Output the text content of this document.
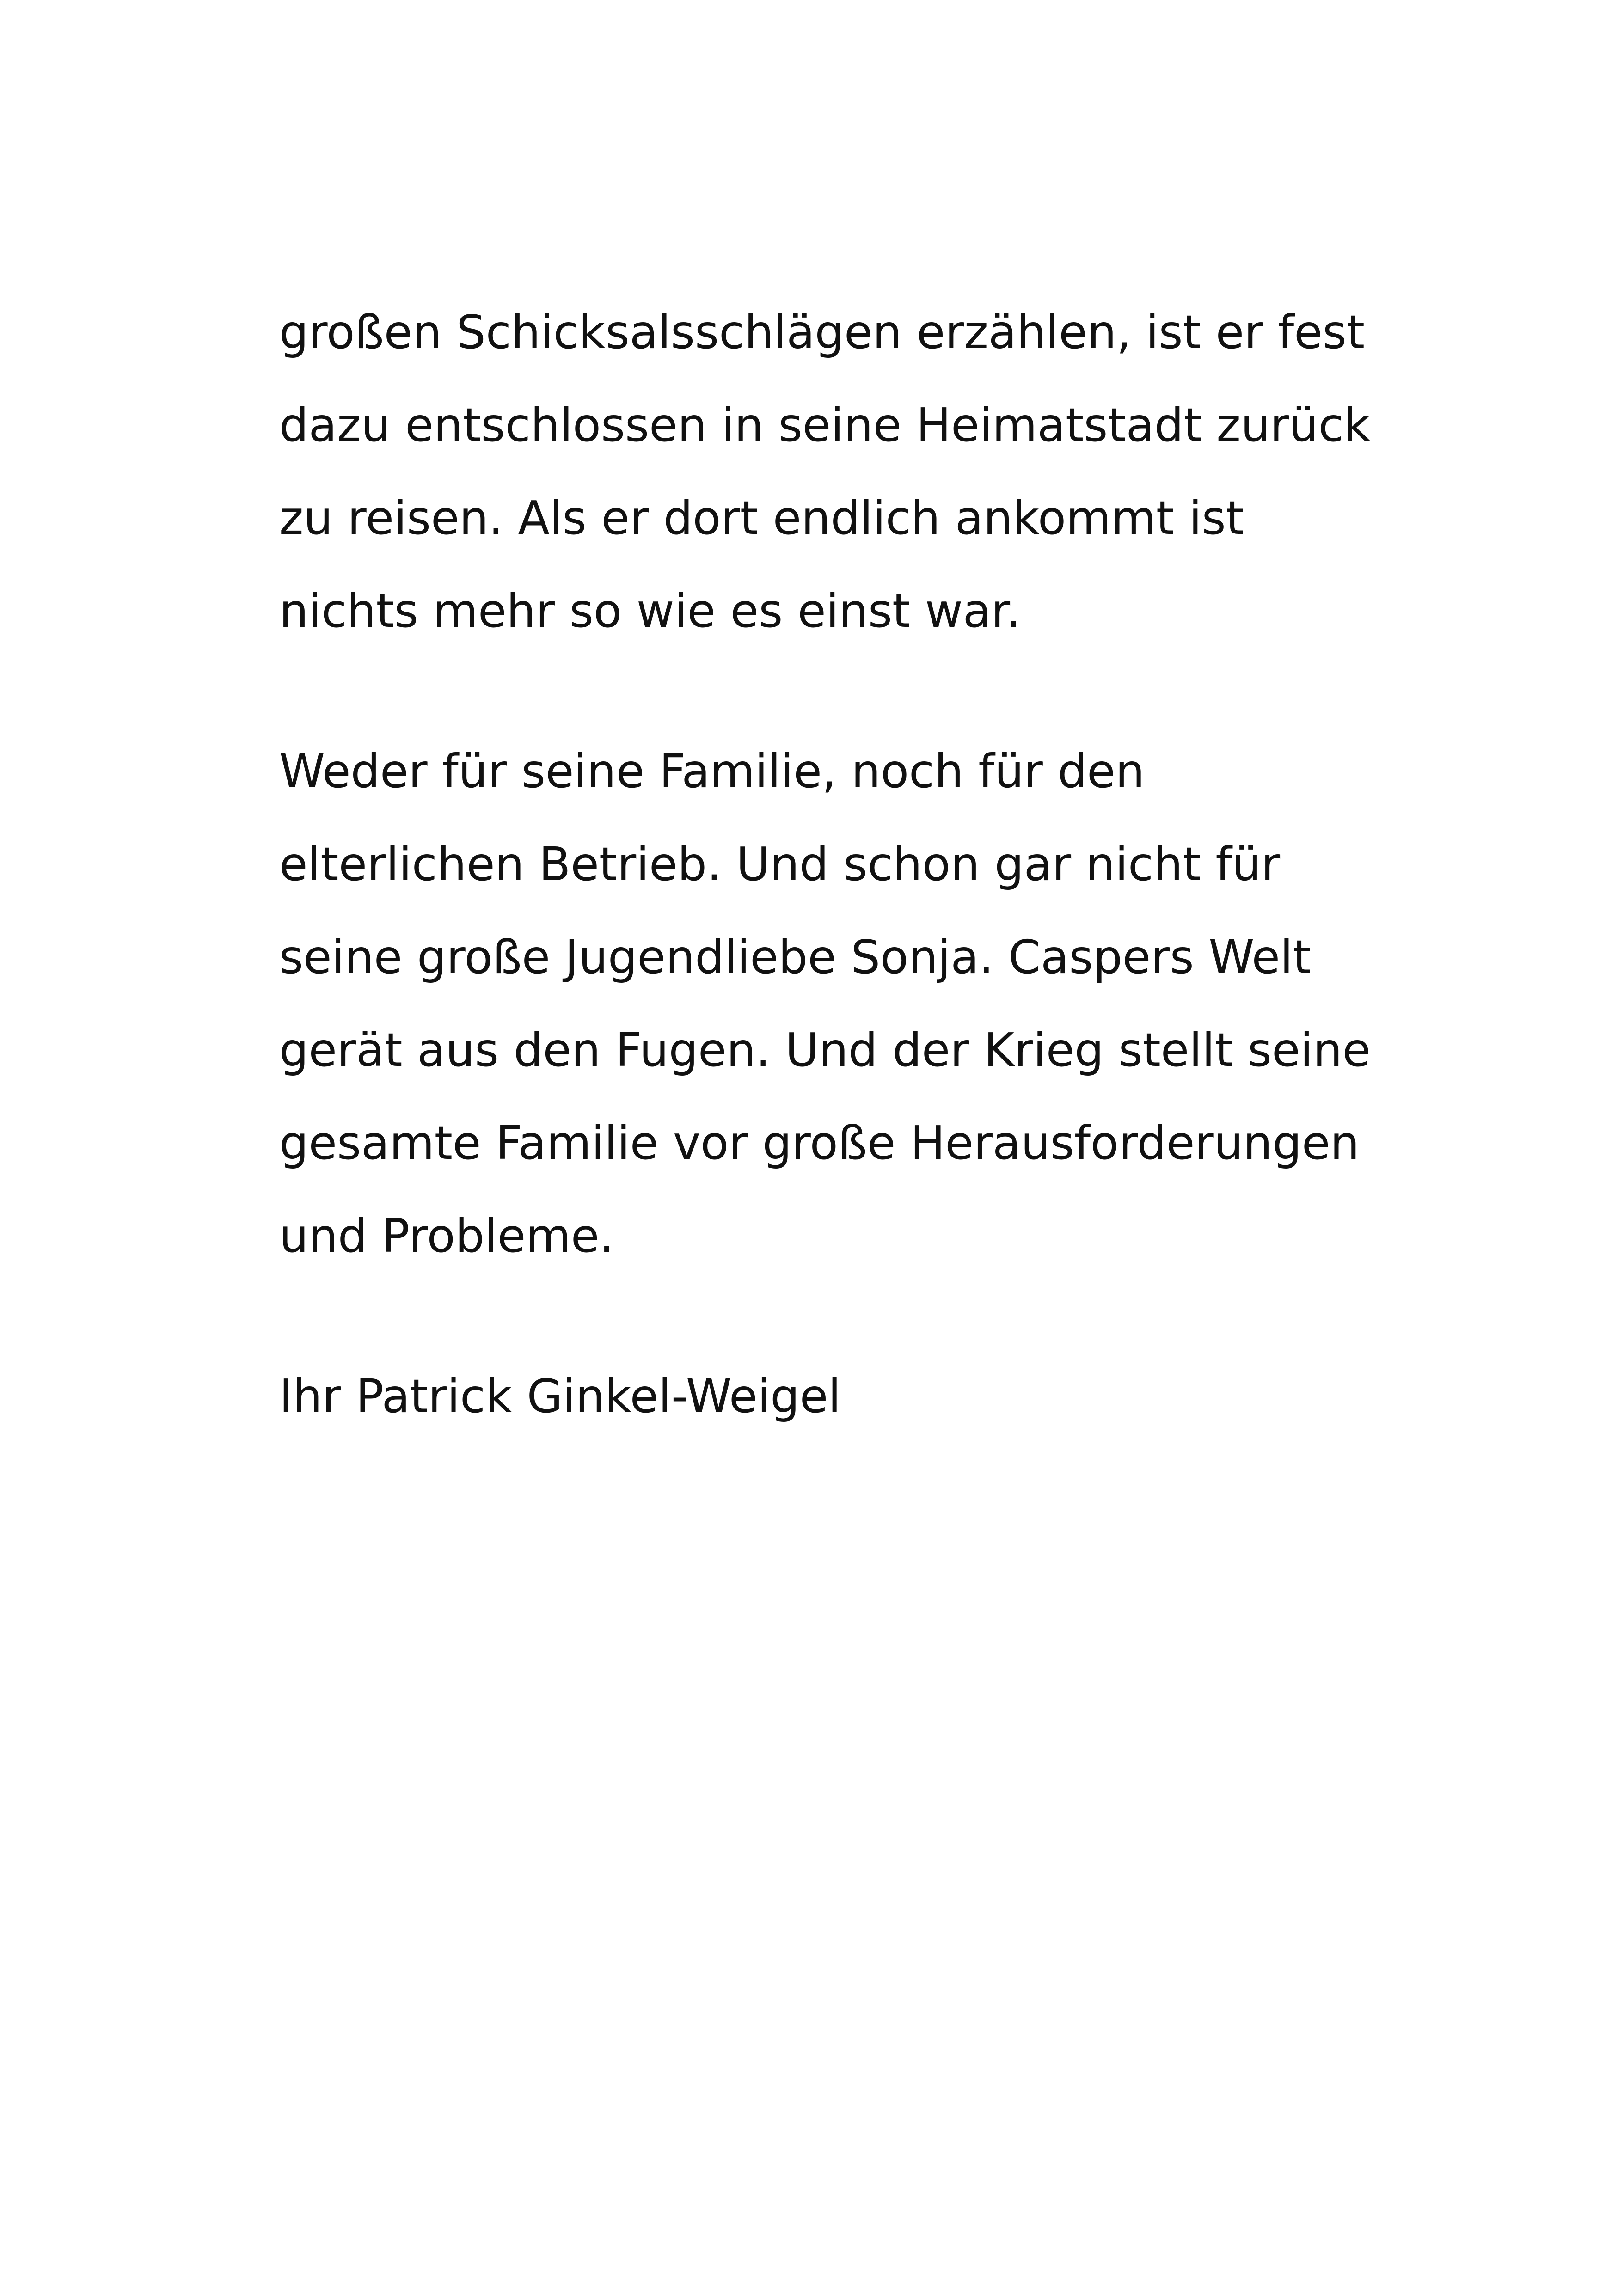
großen Schicksalsschlägen erzählen, ist er fest
dazu entschlossen in seine Heimatstadt zurück
zu reisen. Als er dort endlich ankommt ist
nichts mehr so wie es einst war.
Weder für seine Familie, noch für den
elterlichen Betrieb. Und schon gar nicht für
seine große Jugendliebe Sonja. Caspers Welt
gerät aus den Fugen. Und der Krieg stellt seine
gesamte Familie vor große Herausforderungen
und Probleme.
Ihr Patrick Ginkel-Weigel
